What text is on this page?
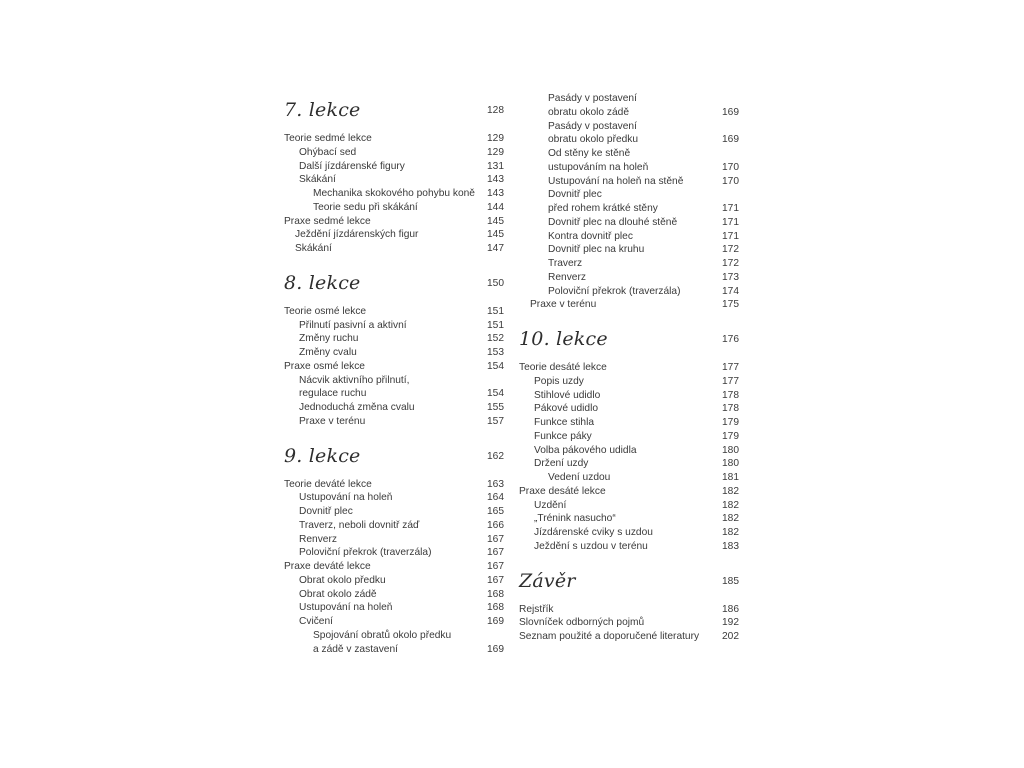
7. lekce	128
Teorie sedmé lekce	129
Ohýbací sed	129
Další jízdárenské figury	131
Skákání	143
Mechanika skokového pohybu koně 143
Teorie sedu při skákání	144
Praxe sedmé lekce	145
Ježdění jízdárenských figur	145
Skákání	147
8. lekce	150
Teorie osmé lekce	151
Přilnutí pasivní a aktivní	151
Změny ruchu	152
Změny cvalu	153
Praxe osmé lekce	154
Nácvik aktivního přilnutí,
regulace ruchu	154
Jednoduchá změna cvalu	155
Praxe v terénu	157
9. lekce	162
Teorie deváté lekce	163
Ustupování na holeň	164
Dovnitř plec	165
Traverz, neboli dovnitř záď	166
Renverz	167
Poloviční překrok (traverzála)	167
Praxe deváté lekce	167
Obrat okolo předku	167
Obrat okolo zádě	168
Ustupování na holeň	168
Cvičení	169
Spojování obratů okolo předku
a zádě v zastavení	169
Pasády v postavení
obratu okolo zádě	169
Pasády v postavení
obratu okolo předku	169
Od stěny ke stěně
ustupováním na holeň	170
Ustupování na holeň na stěně	170
Dovnitř plec
před rohem krátké stěny	171
Dovnitř plec na dlouhé stěně	171
Kontra dovnitř plec	171
Dovnitř plec na kruhu	172
Traverz	172
Renverz	173
Poloviční překrok (traverzála)	174
Praxe v terénu	175
10. lekce	176
Teorie desáté lekce	177
Popis uzdy	177
Stihlové udidlo	178
Pákové udidlo	178
Funkce stihla	179
Funkce páky	179
Volba pákového udidla	180
Držení uzdy	180
Vedení uzdou	181
Praxe desáté lekce	182
Uzdění	182
„Trénink nasucho“	182
Jízdárenské cviky s uzdou	182
Ježdění s uzdou v terénu	183
Závěr	185
Rejstřík	186
Slovníček odborných pojmů	192
Seznam použité a doporučené literatury 202
